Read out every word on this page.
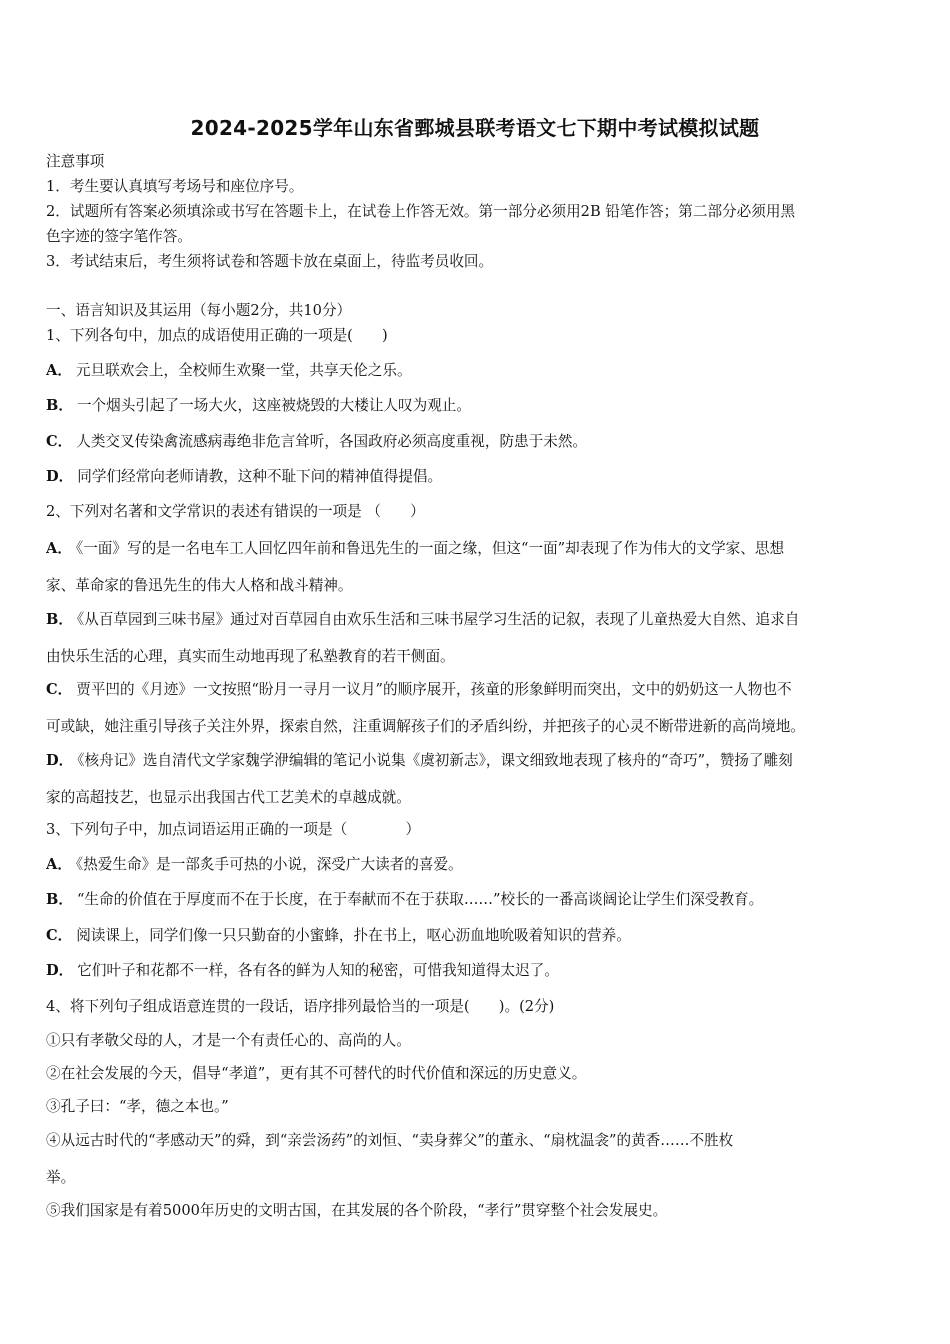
2024-2025学年山东省鄄城县联考语文七下期中考试模拟试题
注意事项
1．考生要认真填写考场号和座位序号。
2．试题所有答案必须填涂或书写在答题卡上，在试卷上作答无效。第一部分必须用2B 铅笔作答；第二部分必须用黑
色字迹的签字笔作答。
3．考试结束后，考生须将试卷和答题卡放在桌面上，待监考员收回。
一、语言知识及其运用（每小题2分，共10分）
1、下列各句中，加点的成语使用正确的一项是(　　)
A． 元旦联欢会上，全校师生欢聚一堂，共享天伦之乐。
B． 一个烟头引起了一场大火，这座被烧毁的大楼让人叹为观止。
C． 人类交叉传染禽流感病毒绝非危言耸听，各国政府必须高度重视，防患于未然。
D． 同学们经常向老师请教，这种不耻下问的精神值得提倡。
2、下列对名著和文学常识的表述有错误的一项是 （　　）
A． 《一面》写的是一名电车工人回忆四年前和鲁迅先生的一面之缘，但这“一面”却表现了作为伟大的文学家、思想
家、革命家的鲁迅先生的伟大人格和战斗精神。
B． 《从百草园到三味书屋》通过对百草园自由欢乐生活和三味书屋学习生活的记叙，表现了儿童热爱大自然、追求自
由快乐生活的心理，真实而生动地再现了私塾教育的若干侧面。
C． 贾平凹的《月迹》一文按照“盼月一寻月一议月”的顺序展开，孩童的形象鲜明而突出，文中的奶奶这一人物也不
可或缺，她注重引导孩子关注外界，探索自然，注重调解孩子们的矛盾纠纷，并把孩子的心灵不断带进新的高尚境地。
D． 《核舟记》选自清代文学家魏学洢编辑的笔记小说集《虞初新志》，课文细致地表现了核舟的“奇巧”，赞扬了雕刻
家的高超技艺，也显示出我国古代工艺美术的卓越成就。
3、下列句子中，加点词语运用正确的一项是（　　　　）
A． 《热爱生命》是一部炙手可热的小说，深受广大读者的喜爱。
B． “生命的价值在于厚度而不在于长度，在于奉献而不在于获取……”校长的一番高谈阔论让学生们深受教育。
C． 阅读课上，同学们像一只只勤奋的小蜜蜂，扑在书上，呕心沥血地吮吸着知识的营养。
D． 它们叶子和花都不一样，各有各的鲜为人知的秘密，可惜我知道得太迟了。
4、将下列句子组成语意连贯的一段话，语序排列最恰当的一项是(　　)。(2分)
①只有孝敬父母的人，才是一个有责任心的、高尚的人。
②在社会发展的今天，倡导“孝道”，更有其不可替代的时代价值和深远的历史意义。
③孔子曰：“孝，德之本也。”
④从远古时代的“孝感动天”的舜，到“亲尝汤药”的刘恒、“卖身葬父”的董永、“扇枕温衾”的黄香……不胜枚
举。
⑤我们国家是有着5000年历史的文明古国，在其发展的各个阶段，“孝行”贯穿整个社会发展史。
